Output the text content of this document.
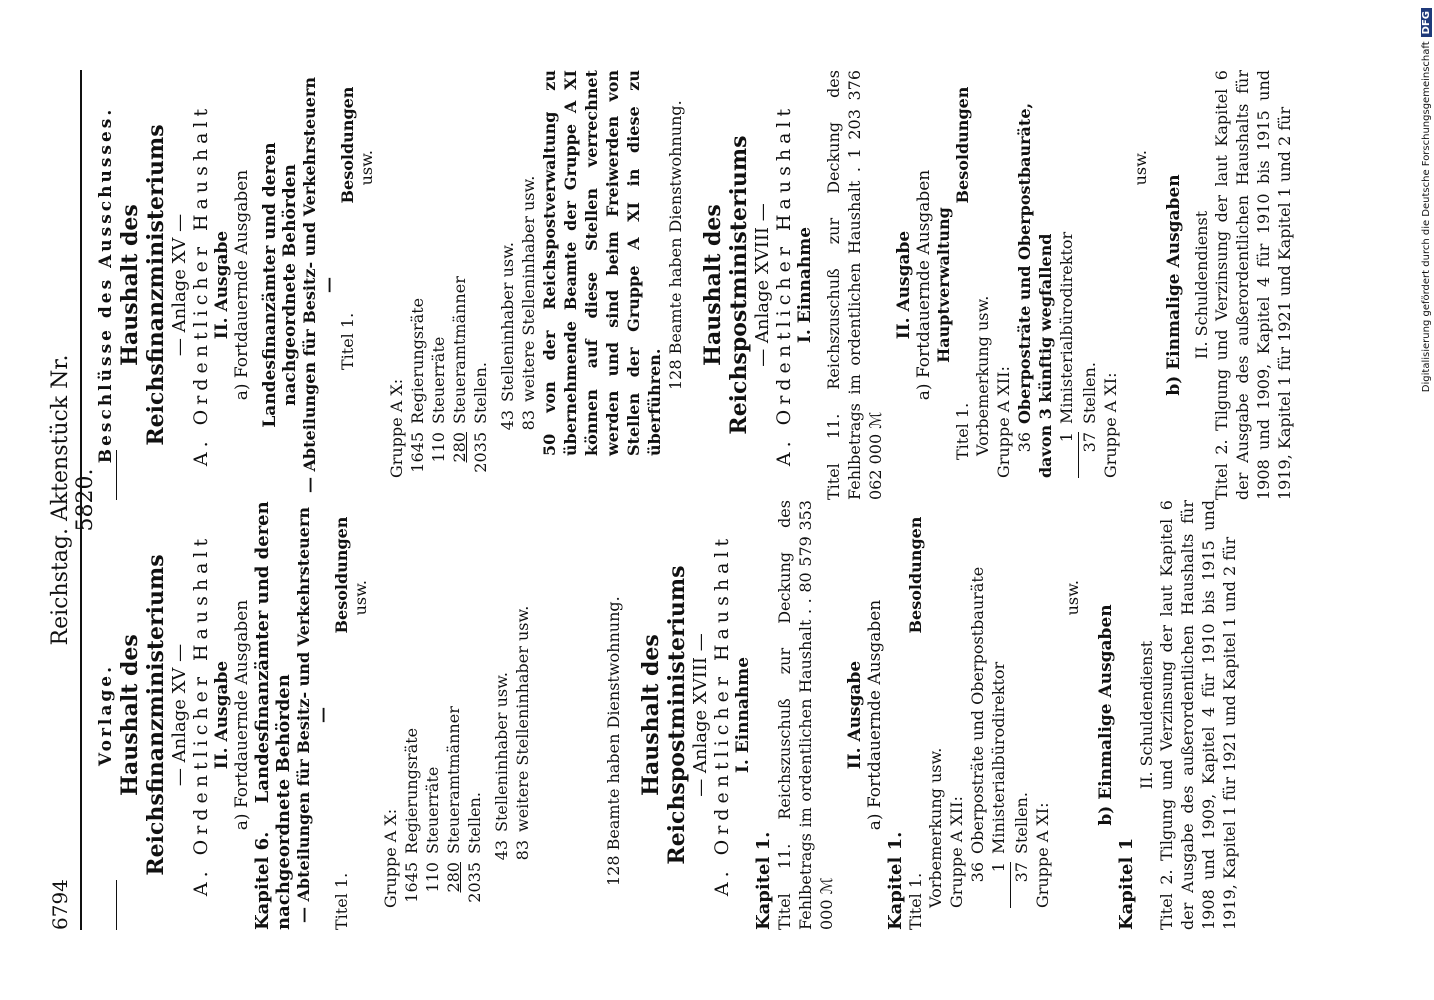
6794
Reichstag. Aktenstück Nr. 5820.
Vorlage. Haushalt des Reichsfinanzministeriums — Anlage XV — A. Ordentlicher Haushalt II. Ausgabe a) Fortdauernde Ausgaben
Kapitel 6. Landesfinanzämter und deren nachgeordnete Behörden — Abteilungen für Besitz- und Verkehrsteuern —
Titel 1.
Besoldungen usw.
Gruppe A X: 1645Regierungsräte
110Steuerräte
280Steueramtmänner
2035Stellen. 43Stelleninhaber usw.
83weitere Stelleninhaber usw.	128 Beamte haben Dienstwohnung. Haushalt des Reichspostministeriums — Anlage XVIII — A. Ordentlicher Haushalt I. Einnahme
Kapitel 1. Titel 11. Reichszuschuß zur Deckung des Fehlbetrags im ordentlichen Haushalt . . 80 579 353 000 ℳ
II. Ausgabe a) Fortdauernde Ausgaben
Kapitel 1. Titel 1.
Besoldungen
Vorbemerkung usw. Gruppe A XII: 36Oberposträte und Oberpostbauräte
1
Ministerialbürodirektor
37Stellen. Gruppe A XI:
usw.
b) Einmalige Ausgaben
Kapitel 1
II. Schuldendienst Titel 2. Tilgung und Verzinsung der laut Kapitel 6 der Ausgabe des außerordentlichen Haushalts für 1908 und 1909, Kapitel 4 für 1910 bis 1915 und 1919, Kapitel 1 für 1921 und Kapitel 1 und 2 für
Beschlüsse des Ausschusses. Haushalt des Reichsfinanzministeriums — Anlage XV — A. Ordentlicher Haushalt II. Ausgabe a) Fortdauernde Ausgaben Landesfinanzämter und deren nachgeordnete Behörden — Abteilungen für Besitz- und Verkehrsteuern —
Titel 1.
Besoldungen usw.
Gruppe A X: 1645Regierungsräte
110Steuerräte
280Steueramtmänner
2035Stellen. 43Stelleninhaber usw.
83weitere Stelleninhaber usw. 50 von der Reichspostverwaltung zu übernehmende Beamte der Gruppe A XI können auf diese Stellen verrechnet werden und sind beim Freiwerden von Stellen der Gruppe A XI in diese zu überführen.
128 Beamte haben Dienstwohnung. Haushalt des Reichspostministeriums — Anlage XVIII — A. Ordentlicher Haushalt I. Einnahme Titel 11. Reichszuschuß zur Deckung des Fehlbetrags im ordentlichen Haushalt . 1 203 376 062 000 ℳ
II. Ausgabe a) Fortdauernde Ausgaben Hauptverwaltung
Titel 1.
Besoldungen
Vorbemerkung usw. Gruppe A XII: 36Oberposträte und Oberpostbauräte, davon 3 künftig wegfallend 1
Ministerialbürodirektor
37Stellen. Gruppe A XI:
usw.
b) Einmalige Ausgaben II. Schuldendienst Titel 2. Tilgung und Verzinsung der laut Kapitel 6 der Ausgabe des außerordentlichen Haushalts für 1908 und 1909, Kapitel 4 für 1910 bis 1915 und 1919, Kapitel 1 für 1921 und Kapitel 1 und 2 für	Digitalisierung gefördert durch die Deutsche Forschungsgemeinschaft
DFG
